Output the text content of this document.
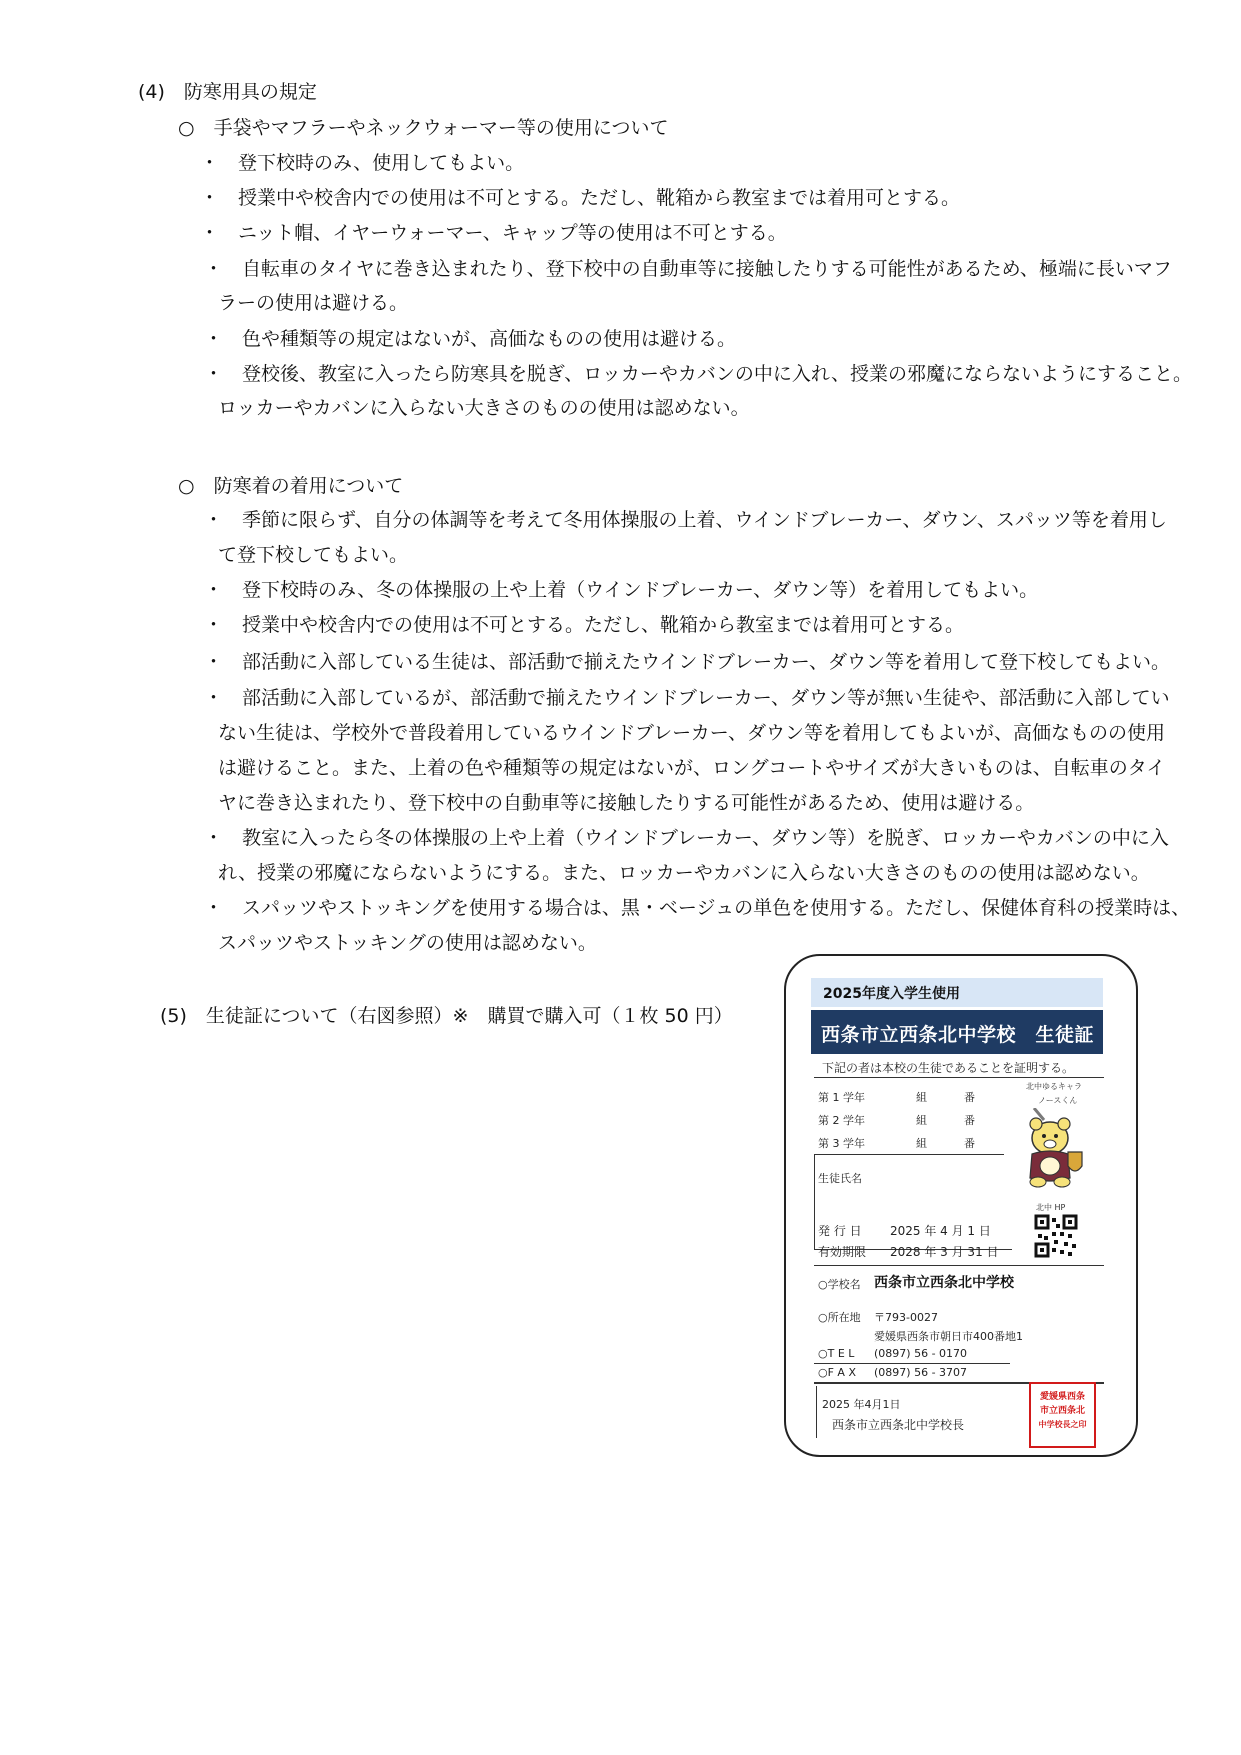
(4)　防寒用具の規定
○　手袋やマフラーやネックウォーマー等の使用について
・　登下校時のみ、使用してもよい。
・　授業中や校舎内での使用は不可とする。ただし、靴箱から教室までは着用可とする。
・　ニット帽、イヤーウォーマー、キャップ等の使用は不可とする。
・　自転車のタイヤに巻き込まれたり、登下校中の自動車等に接触したりする可能性があるため、極端に長いマフ
ラーの使用は避ける。
・　色や種類等の規定はないが、高価なものの使用は避ける。
・　登校後、教室に入ったら防寒具を脱ぎ、ロッカーやカバンの中に入れ、授業の邪魔にならないようにすること。
ロッカーやカバンに入らない大きさのものの使用は認めない。
○　防寒着の着用について
・　季節に限らず、自分の体調等を考えて冬用体操服の上着、ウインドブレーカー、ダウン、スパッツ等を着用し
て登下校してもよい。
・　登下校時のみ、冬の体操服の上や上着（ウインドブレーカー、ダウン等）を着用してもよい。
・　授業中や校舎内での使用は不可とする。ただし、靴箱から教室までは着用可とする。
・　部活動に入部している生徒は、部活動で揃えたウインドブレーカー、ダウン等を着用して登下校してもよい。
・　部活動に入部しているが、部活動で揃えたウインドブレーカー、ダウン等が無い生徒や、部活動に入部してい
ない生徒は、学校外で普段着用しているウインドブレーカー、ダウン等を着用してもよいが、高価なものの使用
は避けること。また、上着の色や種類等の規定はないが、ロングコートやサイズが大きいものは、自転車のタイ
ヤに巻き込まれたり、登下校中の自動車等に接触したりする可能性があるため、使用は避ける。
・　教室に入ったら冬の体操服の上や上着（ウインドブレーカー、ダウン等）を脱ぎ、ロッカーやカバンの中に入
れ、授業の邪魔にならないようにする。また、ロッカーやカバンに入らない大きさのものの使用は認めない。
・　スパッツやストッキングを使用する場合は、黒・ベージュの単色を使用する。ただし、保健体育科の授業時は、
スパッツやストッキングの使用は認めない。
(5)　生徒証について（右図参照）※　購買で購入可（１枚 50 円）
2025年度入学生使用
西条市立西条北中学校　生徒証
下記の者は本校の生徒であることを証明する。
第 1 学年	組	番
第 2 学年	組	番
第 3 学年	組	番
生徒氏名
北中ゆるキャラ
ノースくん
北中 HP
発 行 日 2025 年 4 月 1 日
有効期限 2028 年 3 月 31 日
○学校名 西条市立西条北中学校
○所在地 〒793-0027
愛媛県西条市朝日市400番地1
○T E L (0897) 56 - 0170
○F A X (0897) 56 - 3707
2025 年4月1日
西条市立西条北中学校長
愛媛県西条
市立西条北
中学校長之印
